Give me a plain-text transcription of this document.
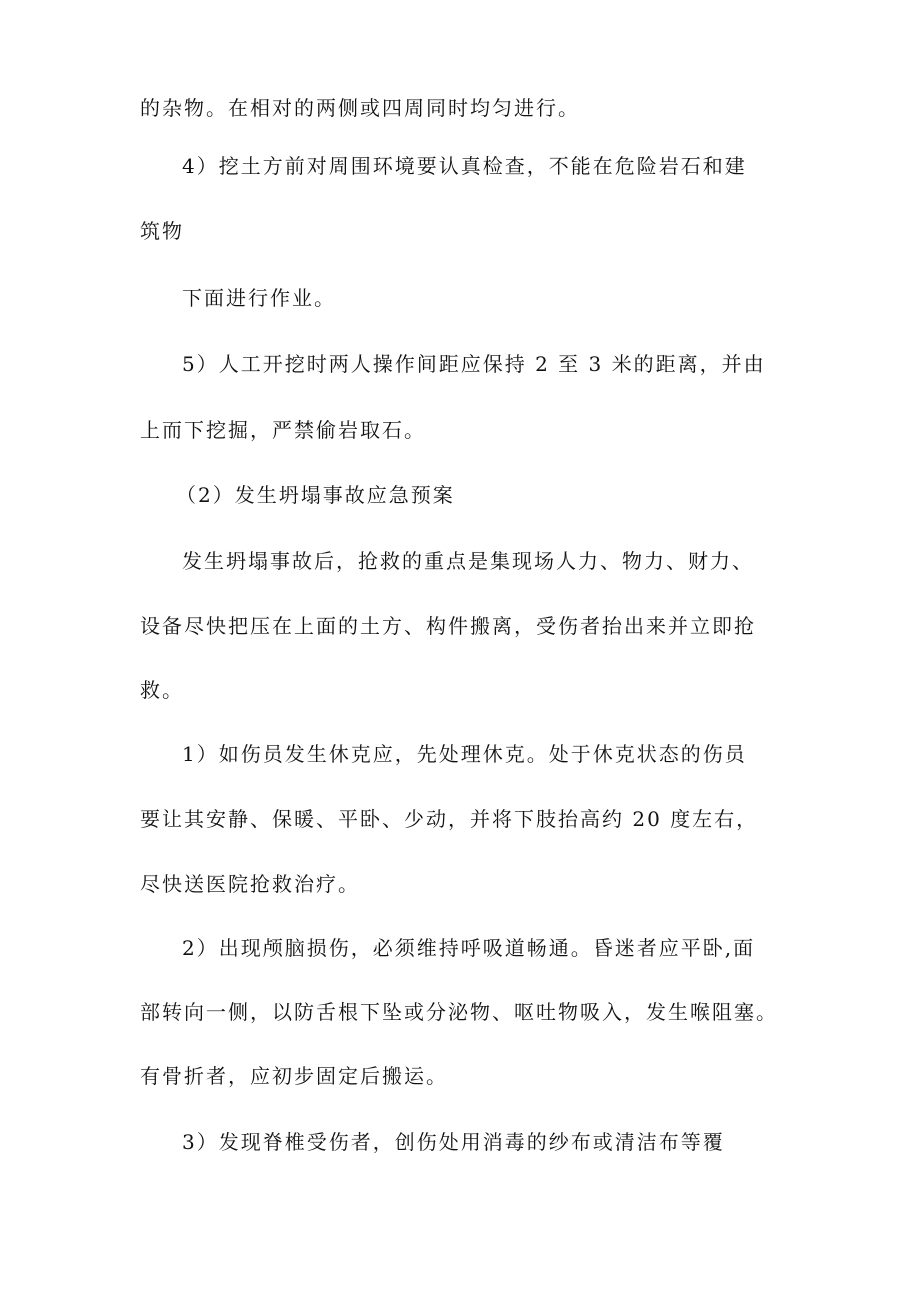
的杂物。在相对的两侧或四周同时均匀进行。
4）挖土方前对周围环境要认真检查，不能在危险岩石和建
筑物
下面进行作业。
5）人工开挖时两人操作间距应保持 2 至 3 米的距离，并由
上而下挖掘，严禁偷岩取石。
（2）发生坍塌事故应急预案
发生坍塌事故后，抢救的重点是集现场人力、物力、财力、
设备尽快把压在上面的土方、构件搬离，受伤者抬出来并立即抢
救。
1）如伤员发生休克应，先处理休克。处于休克状态的伤员
要让其安静、保暖、平卧、少动，并将下肢抬高约 20 度左右，
尽快送医院抢救治疗。
2）出现颅脑损伤，必须维持呼吸道畅通。昏迷者应平卧,面
部转向一侧，以防舌根下坠或分泌物、呕吐物吸入，发生喉阻塞。
有骨折者，应初步固定后搬运。
3）发现脊椎受伤者，创伤处用消毒的纱布或清洁布等覆
